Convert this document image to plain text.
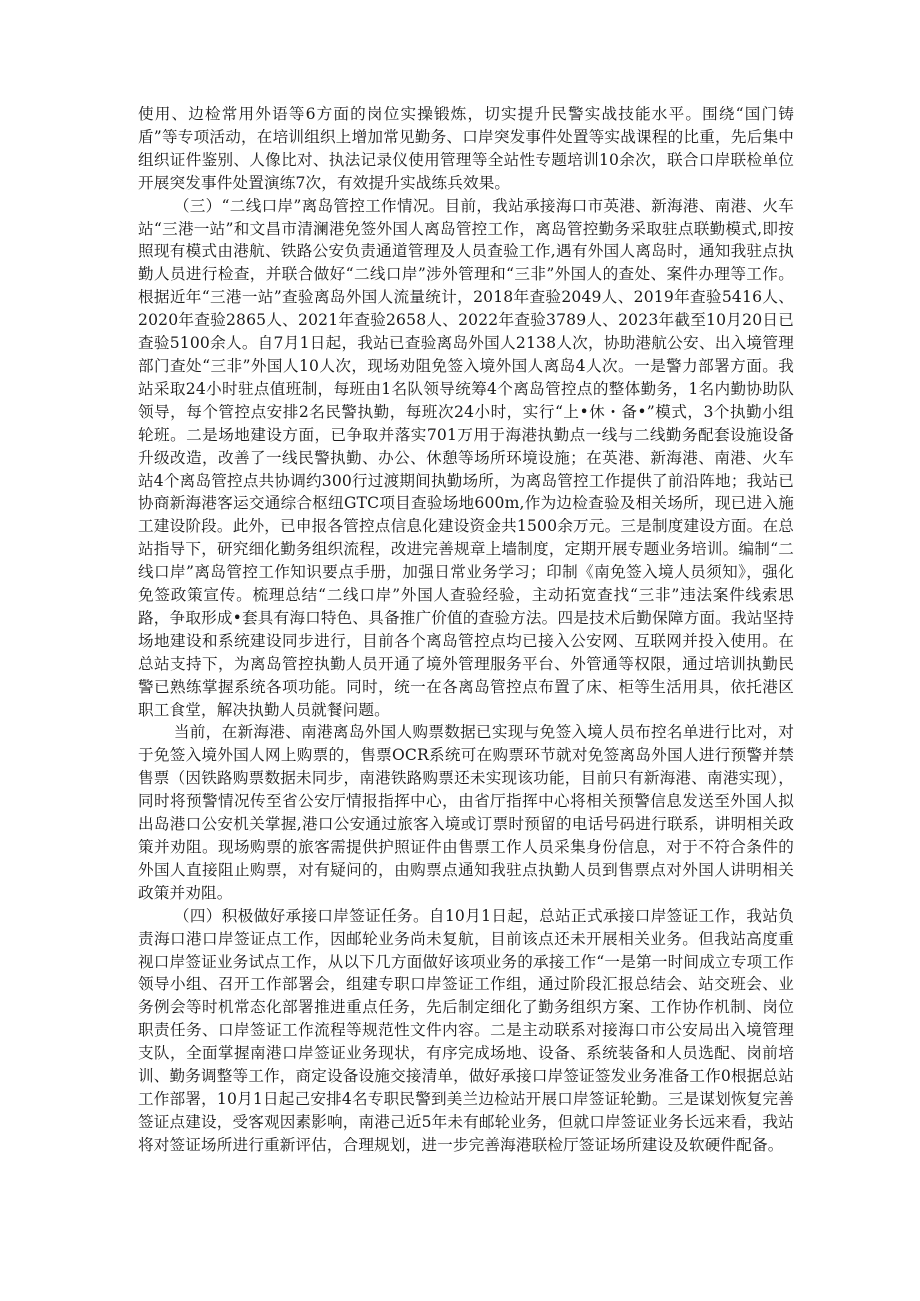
使用、边检常用外语等6方面的岗位实操锻炼，切实提升民警实战技能水平。围绕“国门铸盾”等专项活动，在培训组织上增加常见勤务、口岸突发事件处置等实战课程的比重，先后集中组织证件鉴别、人像比对、执法记录仪使用管理等全站性专题培训10余次，联合口岸联检单位开展突发事件处置演练7次，有效提升实战练兵效果。

（三）“二线口岸”离岛管控工作情况。目前，我站承接海口市英港、新海港、南港、火车站“三港一站”和文昌市清澜港免签外国人离岛管控工作，离岛管控勤务采取驻点联勤模式,即按照现有模式由港航、铁路公安负责通道管理及人员查验工作,遇有外国人离岛时，通知我驻点执勤人员进行检查，并联合做好“二线口岸”涉外管理和“三非”外国人的查处、案件办理等工作。根据近年“三港一站”查验离岛外国人流量统计，2018年查验2049人、2019年查验5416人、2020年查验2865人、2021年查验2658人、2022年查验3789人、2023年截至10月20日已查验5100余人。自7月1日起，我站已查验离岛外国人2138人次，协助港航公安、出入境管理部门查处“三非”外国人10人次，现场劝阻免签入境外国人离岛4人次。一是警力部署方面。我站采取24小时驻点值班制，每班由1名队领导统筹4个离岛管控点的整体勤务，1名内勤协助队领导，每个管控点安排2名民警执勤，每班次24小时，实行“上•休・备•”模式，3个执勤小组轮班。二是场地建设方面，已争取并落实701万用于海港执勤点一线与二线勤务配套设施设备升级改造，改善了一线民警执勤、办公、休憩等场所环境设施；在英港、新海港、南港、火车站4个离岛管控点共协调约300行过渡期间执勤场所，为离岛管控工作提供了前沿阵地；我站已协商新海港客运交通综合枢纽GTC项目查验场地600m,作为边检查验及相关场所，现已进入施工建设阶段。此外，已申报各管控点信息化建设资金共1500余万元。三是制度建设方面。在总站指导下，研究细化勤务组织流程，改进完善规章上墙制度，定期开展专题业务培训。编制“二线口岸”离岛管控工作知识要点手册，加强日常业务学习；印制《南免签入境人员须知》，强化免签政策宣传。梳理总结“二线口岸”外国人查验经验，主动拓宽查找“三非”违法案件线索思路，争取形成•套具有海口特色、具备推广价值的查验方法。四是技术后勤保障方面。我站坚持场地建设和系统建设同步进行，目前各个离岛管控点均已接入公安网、互联网并投入使用。在总站支持下，为离岛管控执勤人员开通了境外管理服务平台、外管通等权限，通过培训执勤民警已熟练掌握系统各项功能。同时，统一在各离岛管控点布置了床、柜等生活用具，依托港区职工食堂，解决执勤人员就餐问题。

当前，在新海港、南港离岛外国人购票数据已实现与免签入境人员布控名单进行比对，对于免签入境外国人网上购票的，售票OCR系统可在购票环节就对免签离岛外国人进行预警并禁售票（因铁路购票数据未同步，南港铁路购票还未实现该功能，目前只有新海港、南港实现），同时将预警情况传至省公安厅情报指挥中心，由省厅指挥中心将相关预警信息发送至外国人拟出岛港口公安机关掌握,港口公安通过旅客入境或订票时预留的电话号码进行联系，讲明相关政策并劝阻。现场购票的旅客需提供护照证件由售票工作人员采集身份信息，对于不符合条件的外国人直接阻止购票，对有疑问的，由购票点通知我驻点执勤人员到售票点对外国人讲明相关政策并劝阻。

（四）积极做好承接口岸签证任务。自10月1日起，总站正式承接口岸签证工作，我站负责海口港口岸签证点工作，因邮轮业务尚未复航，目前该点还未开展相关业务。但我站高度重视口岸签证业务试点工作，从以下几方面做好该项业务的承接工作“一是第一时间成立专项工作领导小组、召开工作部署会，组建专职口岸签证工作组，通过阶段汇报总结会、站交班会、业务例会等时机常态化部署推进重点任务，先后制定细化了勤务组织方案、工作协作机制、岗位职责任务、口岸签证工作流程等规范性文件内容。二是主动联系对接海口市公安局出入境管理支队，全面掌握南港口岸签证业务现状，有序完成场地、设备、系统装备和人员选配、岗前培训、勤务调整等工作，商定设备设施交接清单，做好承接口岸签证签发业务准备工作0根据总站工作部署，10月1日起己安排4名专职民警到美兰边检站开展口岸签证轮勤。三是谋划恢复完善签证点建设，受客观因素影响，南港己近5年未有邮轮业务，但就口岸签证业务长远来看，我站将对签证场所进行重新评估，合理规划，进一步完善海港联检厅签证场所建设及软硬件配备。
